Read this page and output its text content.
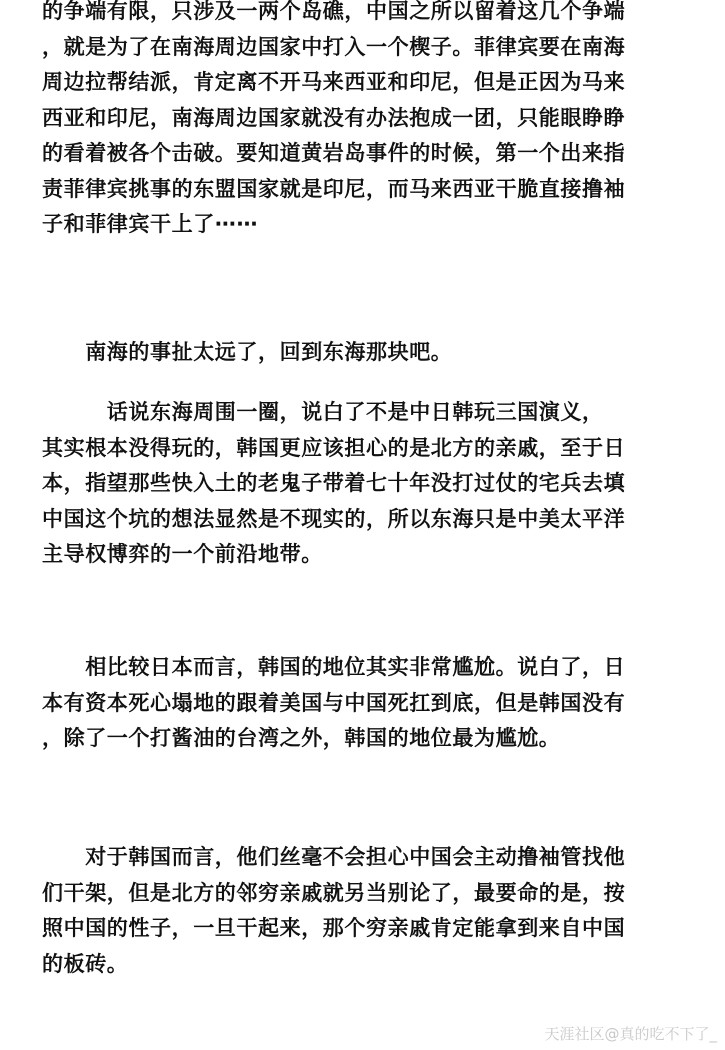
的争端有限，只涉及一两个岛礁，中国之所以留着这几个争端
，就是为了在南海周边国家中打入一个楔子。菲律宾要在南海
周边拉帮结派，肯定离不开马来西亚和印尼，但是正因为马来
西亚和印尼，南海周边国家就没有办法抱成一团，只能眼睁睁
的看着被各个击破。要知道黄岩岛事件的时候，第一个出来指
责菲律宾挑事的东盟国家就是印尼，而马来西亚干脆直接撸袖
子和菲律宾干上了⋯⋯
　　南海的事扯太远了，回到东海那块吧。
　　　话说东海周围一圈，说白了不是中日韩玩三国演义，
其实根本没得玩的，韩国更应该担心的是北方的亲戚，至于日
本，指望那些快入土的老鬼子带着七十年没打过仗的宅兵去填
中国这个坑的想法显然是不现实的，所以东海只是中美太平洋
主导权博弈的一个前沿地带。
　　相比较日本而言，韩国的地位其实非常尴尬。说白了，日
本有资本死心塌地的跟着美国与中国死扛到底，但是韩国没有
，除了一个打酱油的台湾之外，韩国的地位最为尴尬。
　　对于韩国而言，他们丝毫不会担心中国会主动撸袖管找他
们干架，但是北方的邻穷亲戚就另当别论了，最要命的是，按
照中国的性子，一旦干起来，那个穷亲戚肯定能拿到来自中国
的板砖。
天涯社区@真的吃不下了_
